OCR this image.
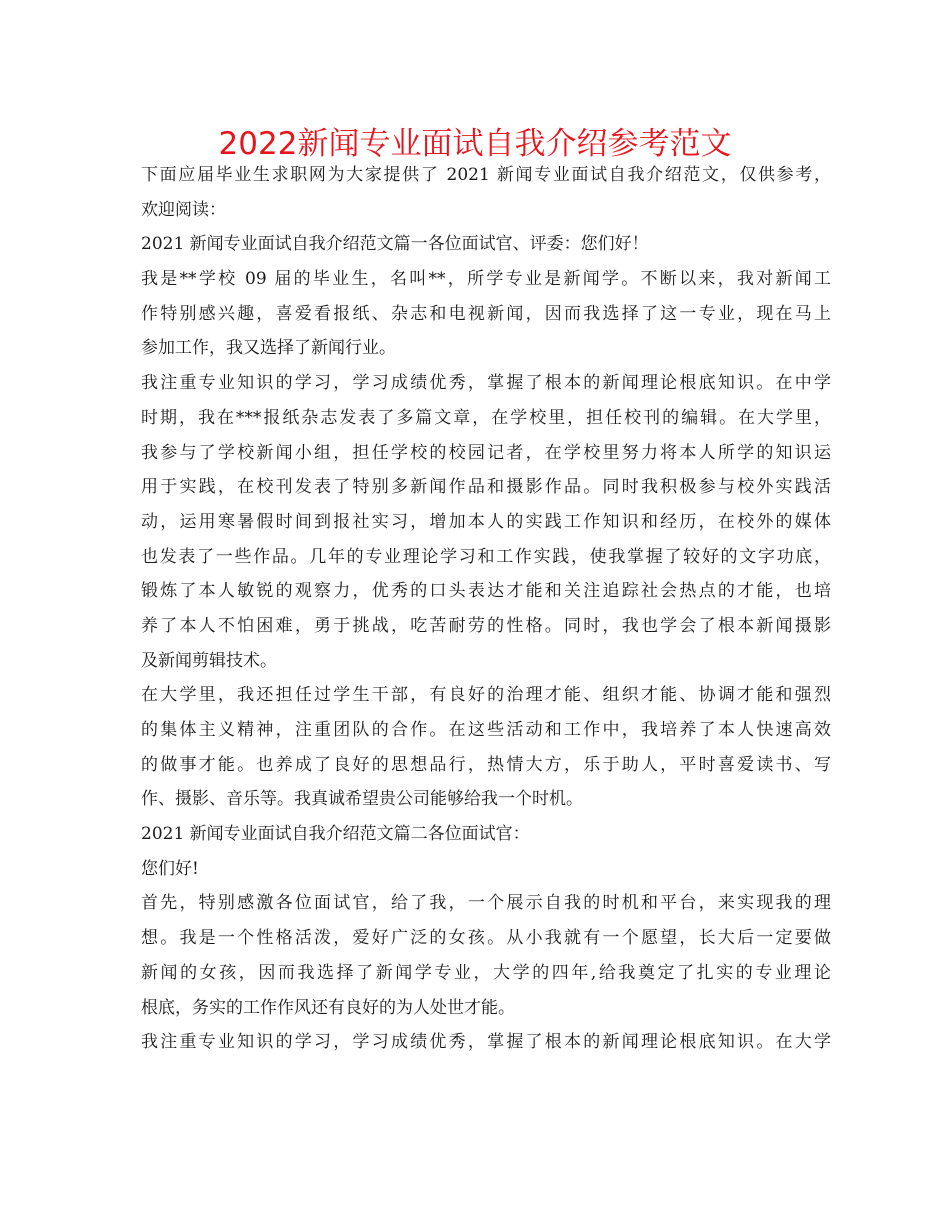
2022新闻专业面试自我介绍参考范文
下面应届毕业生求职网为大家提供了 2021 新闻专业面试自我介绍范文，仅供参考，
欢迎阅读：
2021 新闻专业面试自我介绍范文篇一各位面试官、评委：您们好！
我是**学校 09 届的毕业生，名叫**，所学专业是新闻学。不断以来，我对新闻工
作特别感兴趣，喜爱看报纸、杂志和电视新闻，因而我选择了这一专业，现在马上
参加工作，我又选择了新闻行业。
我注重专业知识的学习，学习成绩优秀，掌握了根本的新闻理论根底知识。在中学
时期，我在***报纸杂志发表了多篇文章，在学校里，担任校刊的编辑。在大学里，
我参与了学校新闻小组，担任学校的校园记者，在学校里努力将本人所学的知识运
用于实践，在校刊发表了特别多新闻作品和摄影作品。同时我积极参与校外实践活
动，运用寒暑假时间到报社实习，增加本人的实践工作知识和经历，在校外的媒体
也发表了一些作品。几年的专业理论学习和工作实践，使我掌握了较好的文字功底，
锻炼了本人敏锐的观察力，优秀的口头表达才能和关注追踪社会热点的才能，也培
养了本人不怕困难，勇于挑战，吃苦耐劳的性格。同时，我也学会了根本新闻摄影
及新闻剪辑技术。
在大学里，我还担任过学生干部，有良好的治理才能、组织才能、协调才能和强烈
的集体主义精神，注重团队的合作。在这些活动和工作中，我培养了本人快速高效
的做事才能。也养成了良好的思想品行，热情大方，乐于助人，平时喜爱读书、写
作、摄影、音乐等。我真诚希望贵公司能够给我一个时机。
2021 新闻专业面试自我介绍范文篇二各位面试官：
您们好!
首先，特别感激各位面试官，给了我，一个展示自我的时机和平台，来实现我的理
想。我是一个性格活泼，爱好广泛的女孩。从小我就有一个愿望，长大后一定要做
新闻的女孩，因而我选择了新闻学专业，大学的四年,给我奠定了扎实的专业理论
根底，务实的工作作风还有良好的为人处世才能。
我注重专业知识的学习，学习成绩优秀，掌握了根本的新闻理论根底知识。在大学
